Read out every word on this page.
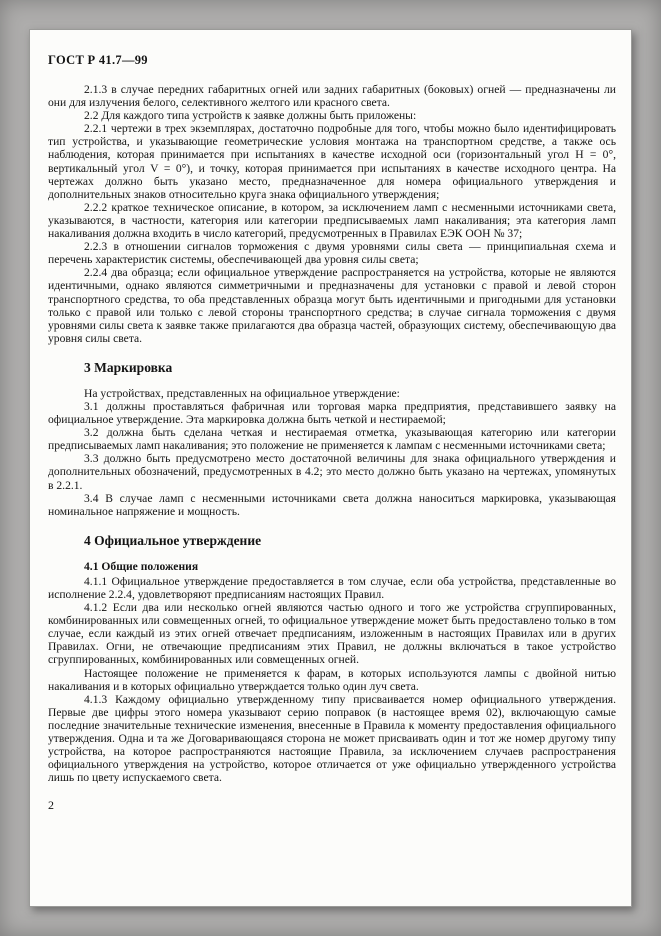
ГОСТ Р 41.7—99

2.1.3 в случае передних габаритных огней или задних габаритных (боковых) огней — предназначены ли они для излучения белого, селективного желтого или красного света.

2.2 Для каждого типа устройств к заявке должны быть приложены:

2.2.1 чертежи в трех экземплярах, достаточно подробные для того, чтобы можно было идентифицировать тип устройства, и указывающие геометрические условия монтажа на транспортном средстве, а также ось наблюдения, которая принимается при испытаниях в качестве исходной оси (горизонтальный угол H = 0°, вертикальный угол V = 0°), и точку, которая принимается при испытаниях в качестве исходного центра. На чертежах должно быть указано место, предназначенное для номера официального утверждения и дополнительных знаков относительно круга знака официального утверждения;

2.2.2 краткое техническое описание, в котором, за исключением ламп с несменными источниками света, указываются, в частности, категория или категории предписываемых ламп накаливания; эта категория ламп накаливания должна входить в число категорий, предусмотренных в Правилах ЕЭК ООН № 37;

2.2.3 в отношении сигналов торможения с двумя уровнями силы света — принципиальная схема и перечень характеристик системы, обеспечивающей два уровня силы света;

2.2.4 два образца; если официальное утверждение распространяется на устройства, которые не являются идентичными, однако являются симметричными и предназначены для установки с правой и левой сторон транспортного средства, то оба представленных образца могут быть идентичными и пригодными для установки только с правой или только с левой стороны транспортного средства; в случае сигнала торможения с двумя уровнями силы света к заявке также прилагаются два образца частей, образующих систему, обеспечивающую два уровня силы света.

3 Маркировка

На устройствах, представленных на официальное утверждение:

3.1 должны проставляться фабричная или торговая марка предприятия, представившего заявку на официальное утверждение. Эта маркировка должна быть четкой и нестираемой;

3.2 должна быть сделана четкая и нестираемая отметка, указывающая категорию или категории предписываемых ламп накаливания; это положение не применяется к лампам с несменными источниками света;

3.3 должно быть предусмотрено место достаточной величины для знака официального утверждения и дополнительных обозначений, предусмотренных в 4.2; это место должно быть указано на чертежах, упомянутых в 2.2.1.

3.4 В случае ламп с несменными источниками света должна наноситься маркировка, указывающая номинальное напряжение и мощность.

4 Официальное утверждение

4.1 Общие положения

4.1.1 Официальное утверждение предоставляется в том случае, если оба устройства, представленные во исполнение 2.2.4, удовлетворяют предписаниям настоящих Правил.

4.1.2 Если два или несколько огней являются частью одного и того же устройства сгруппированных, комбинированных или совмещенных огней, то официальное утверждение может быть предоставлено только в том случае, если каждый из этих огней отвечает предписаниям, изложенным в настоящих Правилах или в других Правилах. Огни, не отвечающие предписаниям этих Правил, не должны включаться в такое устройство сгруппированных, комбинированных или совмещенных огней.

Настоящее положение не применяется к фарам, в которых используются лампы с двойной нитью накаливания и в которых официально утверждается только один луч света.

4.1.3 Каждому официально утвержденному типу присваивается номер официального утверждения. Первые две цифры этого номера указывают серию поправок (в настоящее время 02), включающую самые последние значительные технические изменения, внесенные в Правила к моменту предоставления официального утверждения. Одна и та же Договаривающаяся сторона не может присваивать один и тот же номер другому типу устройства, на которое распространяются настоящие Правила, за исключением случаев распространения официального утверждения на устройство, которое отличается от уже официально утвержденного устройства лишь по цвету испускаемого света.

2
